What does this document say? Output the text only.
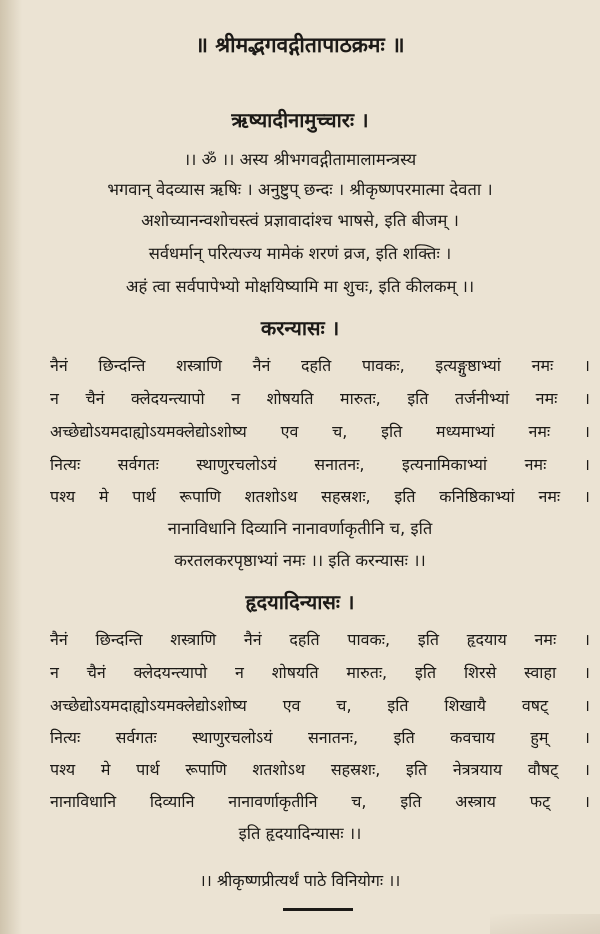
॥ श्रीमद्भगवद्गीतापाठक्रमः ॥
ऋष्यादीनामुच्चारः ।
।। ॐ ।। अस्य श्रीभगवद्गीतामालामन्त्रस्य
भगवान् वेदव्यास ऋषिः । अनुष्टुप् छन्दः । श्रीकृष्णपरमात्मा देवता ।
अशोच्यानन्वशोचस्त्वं प्रज्ञावादांश्च भाषसे, इति बीजम् ।
सर्वधर्मान् परित्यज्य मामेकं शरणं व्रज, इति शक्तिः ।
अहं त्वा सर्वपापेभ्यो मोक्षयिष्यामि मा शुचः, इति कीलकम् ।।
करन्यासः ।
नैनं छिन्दन्ति शस्त्राणि नैनं दहति पावकः, इत्यङ्गुष्ठाभ्यां नमः ।
न चैनं क्लेदयन्त्यापो न शोषयति मारुतः, इति तर्जनीभ्यां नमः ।
अच्छेद्योऽयमदाह्योऽयमक्लेद्योऽशोष्य एव च, इति मध्यमाभ्यां नमः ।
नित्यः सर्वगतः स्थाणुरचलोऽयं सनातनः, इत्यनामिकाभ्यां नमः ।
पश्य मे पार्थ रूपाणि शतशोऽथ सहस्रशः, इति कनिष्ठिकाभ्यां नमः ।
नानाविधानि दिव्यानि नानावर्णाकृतीनि च, इति
करतलकरपृष्ठाभ्यां नमः ।। इति करन्यासः ।।
हृदयादिन्यासः ।
नैनं छिन्दन्ति शस्त्राणि नैनं दहति पावकः, इति हृदयाय नमः ।
न चैनं क्लेदयन्त्यापो न शोषयति मारुतः, इति शिरसे स्वाहा ।
अच्छेद्योऽयमदाह्योऽयमक्लेद्योऽशोष्य एव च, इति शिखायै वषट् ।
नित्यः सर्वगतः स्थाणुरचलोऽयं सनातनः, इति कवचाय हुम् ।
पश्य मे पार्थ रूपाणि शतशोऽथ सहस्रशः, इति नेत्रत्रयाय वौषट् ।
नानाविधानि दिव्यानि नानावर्णाकृतीनि च, इति अस्त्राय फट् ।
इति हृदयादिन्यासः ।।
।। श्रीकृष्णप्रीत्यर्थं पाठे विनियोगः ।।
